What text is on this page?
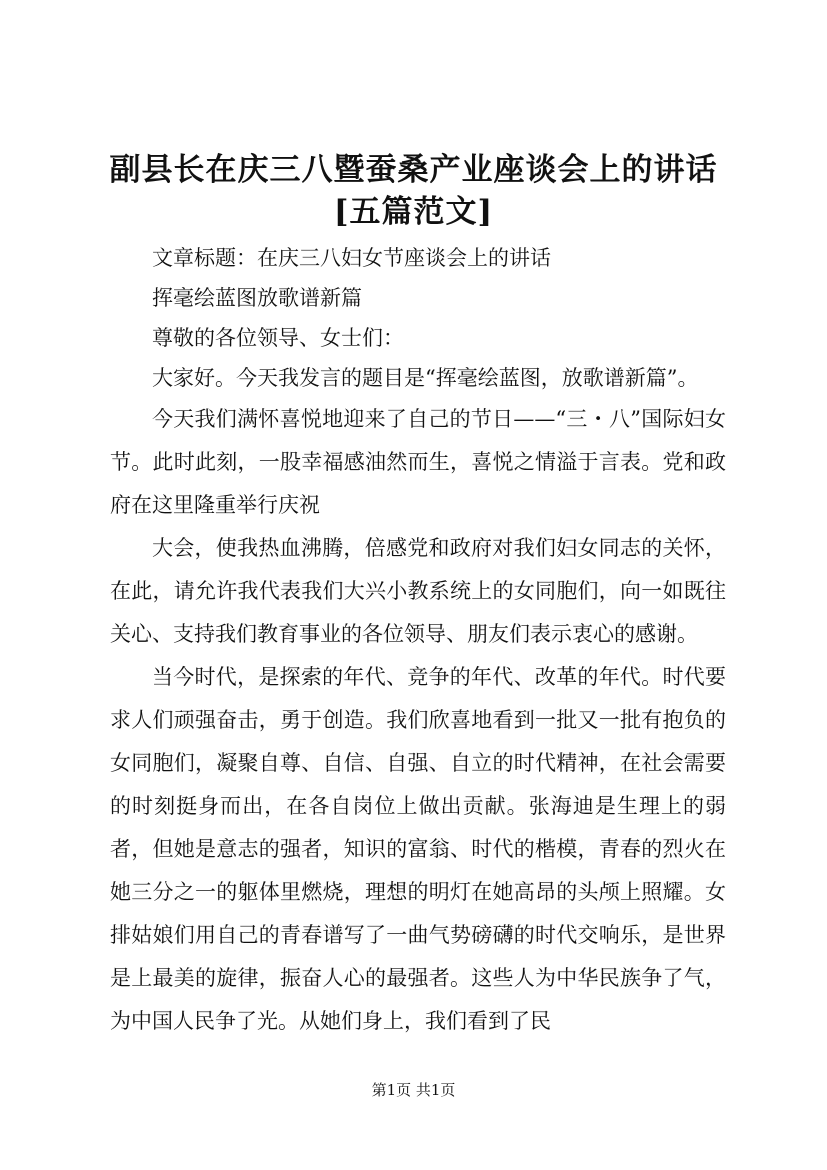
副县长在庆三八暨蚕桑产业座谈会上的讲话
[五篇范文]

文章标题：在庆三八妇女节座谈会上的讲话

挥毫绘蓝图放歌谱新篇

尊敬的各位领导、女士们：

大家好。今天我发言的题目是“挥毫绘蓝图，放歌谱新篇”。

今天我们满怀喜悦地迎来了自己的节日——“三・八”国际妇女节。此时此刻，一股幸福感油然而生，喜悦之情溢于言表。党和政府在这里隆重举行庆祝

大会，使我热血沸腾，倍感党和政府对我们妇女同志的关怀，在此，请允许我代表我们大兴小教系统上的女同胞们，向一如既往关心、支持我们教育事业的各位领导、朋友们表示衷心的感谢。

当今时代，是探索的年代、竞争的年代、改革的年代。时代要求人们顽强奋击，勇于创造。我们欣喜地看到一批又一批有抱负的女同胞们，凝聚自尊、自信、自强、自立的时代精神，在社会需要的时刻挺身而出，在各自岗位上做出贡献。张海迪是生理上的弱者，但她是意志的强者，知识的富翁、时代的楷模，青春的烈火在她三分之一的躯体里燃烧，理想的明灯在她高昂的头颅上照耀。女排姑娘们用自己的青春谱写了一曲气势磅礴的时代交响乐，是世界是上最美的旋律，振奋人心的最强者。这些人为中华民族争了气，为中国人民争了光。从她们身上，我们看到了民

第1页 共1页
